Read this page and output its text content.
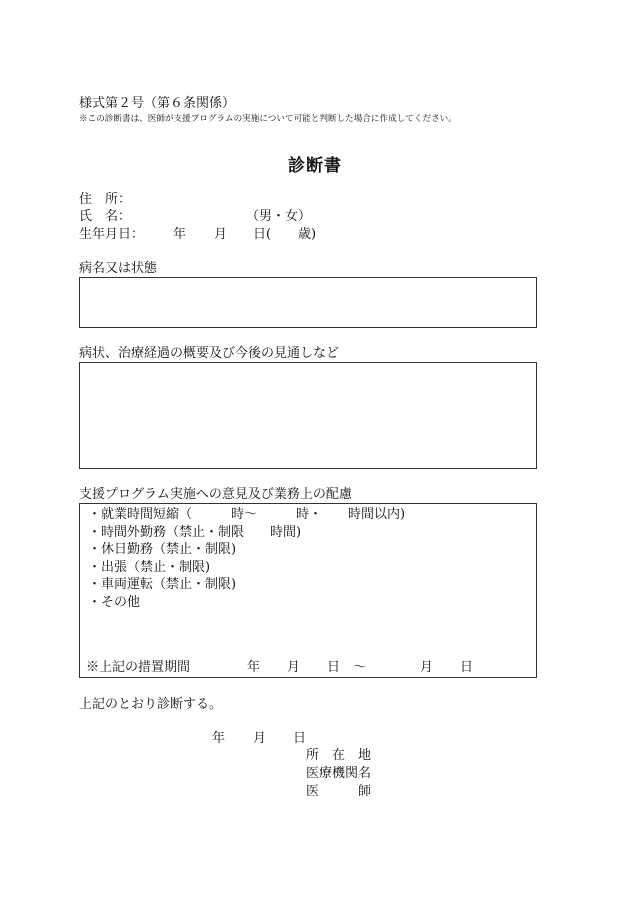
様式第２号（第６条関係）
※この診断書は、医師が支援プログラムの実施について可能と判断した場合に作成してください。
診断書
住　所：
氏　名：	（男・女）
生年月日： 年 月 日( 歳)
病名又は状態
病状、治療経過の概要及び今後の見通しなど
支援プログラム実施への意見及び業務上の配慮
・就業時間短縮（　　　時～　　　時・　　時間以内)
・時間外勤務（禁止・制限　　時間)
・休日勤務（禁止・制限)
・出張（禁止・制限)
・車両運転（禁止・制限)
・その他
※上記の措置期間	年 月 日 ～	月 日
上記のとおり診断する。
年 月 日
所　在　地
医療機関名
医　　　師
